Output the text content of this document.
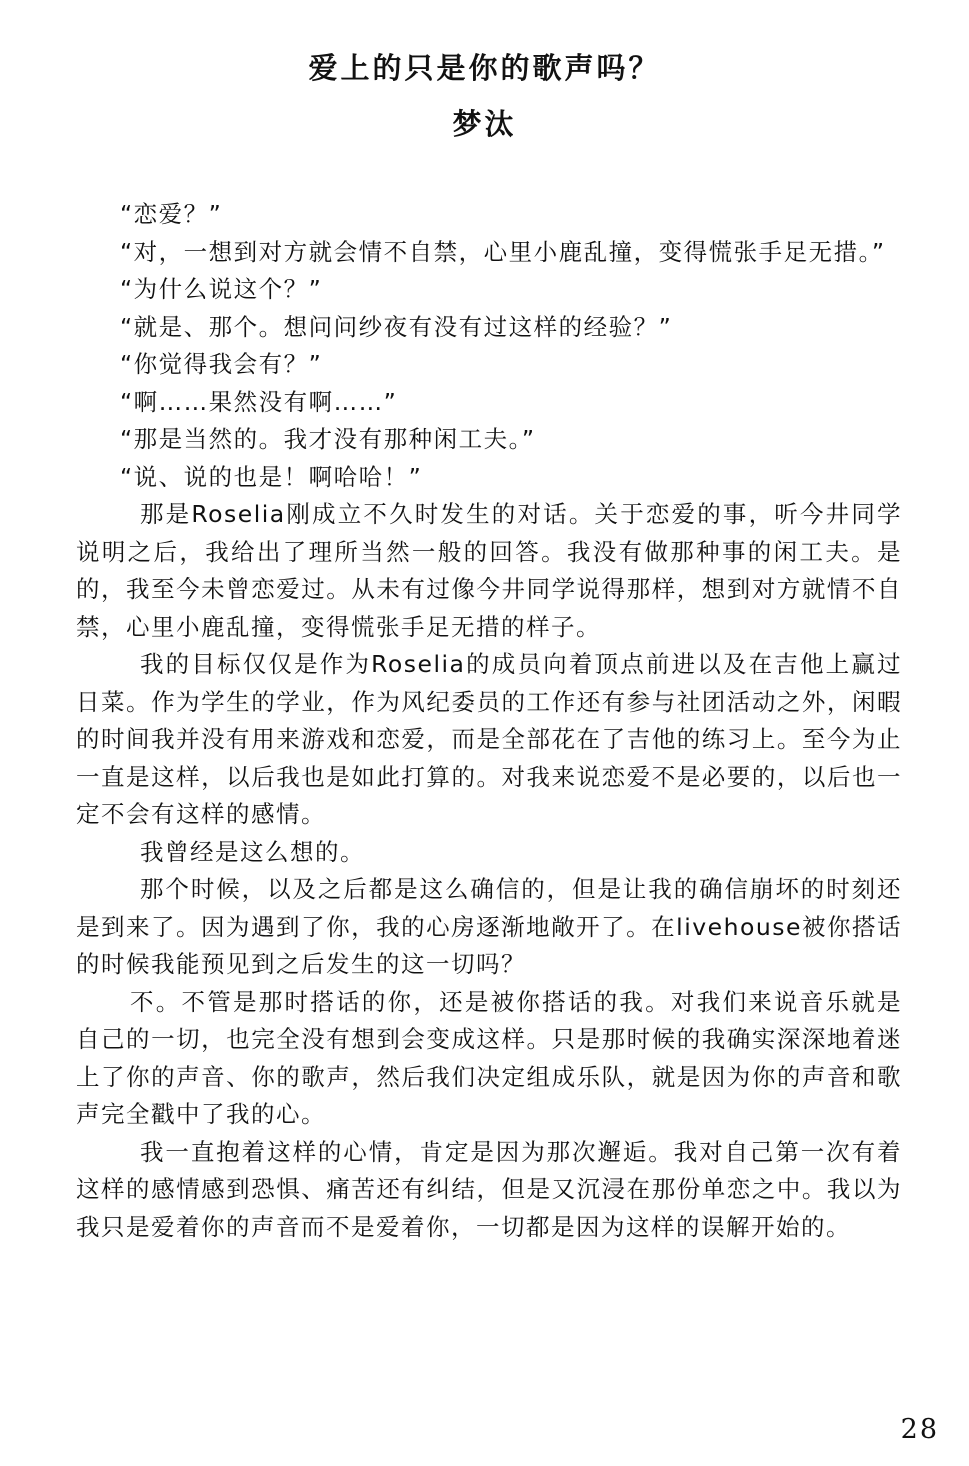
爱上的只是你的歌声吗？
梦汰

“恋爱？”

“对，一想到对方就会情不自禁，心里小鹿乱撞，变得慌张手足无措。”

“为什么说这个？”

“就是、那个。想问问纱夜有没有过这样的经验？”

“你觉得我会有？”

“啊……果然没有啊……”

“那是当然的。我才没有那种闲工夫。”

“说、说的也是！啊哈哈！”

那是Roselia刚成立不久时发生的对话。关于恋爱的事，听今井同学说明之后，我给出了理所当然一般的回答。我没有做那种事的闲工夫。是的，我至今未曾恋爱过。从未有过像今井同学说得那样，想到对方就情不自禁，心里小鹿乱撞，变得慌张手足无措的样子。

我的目标仅仅是作为Roselia的成员向着顶点前进以及在吉他上赢过日菜。作为学生的学业，作为风纪委员的工作还有参与社团活动之外，闲暇的时间我并没有用来游戏和恋爱，而是全部花在了吉他的练习上。至今为止一直是这样，以后我也是如此打算的。对我来说恋爱不是必要的，以后也一定不会有这样的感情。

我曾经是这么想的。

那个时候，以及之后都是这么确信的，但是让我的确信崩坏的时刻还是到来了。因为遇到了你，我的心房逐渐地敞开了。在livehouse被你搭话的时候我能预见到之后发生的这一切吗？

不。不管是那时搭话的你，还是被你搭话的我。对我们来说音乐就是自己的一切，也完全没有想到会变成这样。只是那时候的我确实深深地着迷上了你的声音、你的歌声，然后我们决定组成乐队，就是因为你的声音和歌声完全戳中了我的心。

我一直抱着这样的心情，肯定是因为那次邂逅。我对自己第一次有着这样的感情感到恐惧、痛苦还有纠结，但是又沉浸在那份单恋之中。我以为我只是爱着你的声音而不是爱着你，一切都是因为这样的误解开始的。

28
